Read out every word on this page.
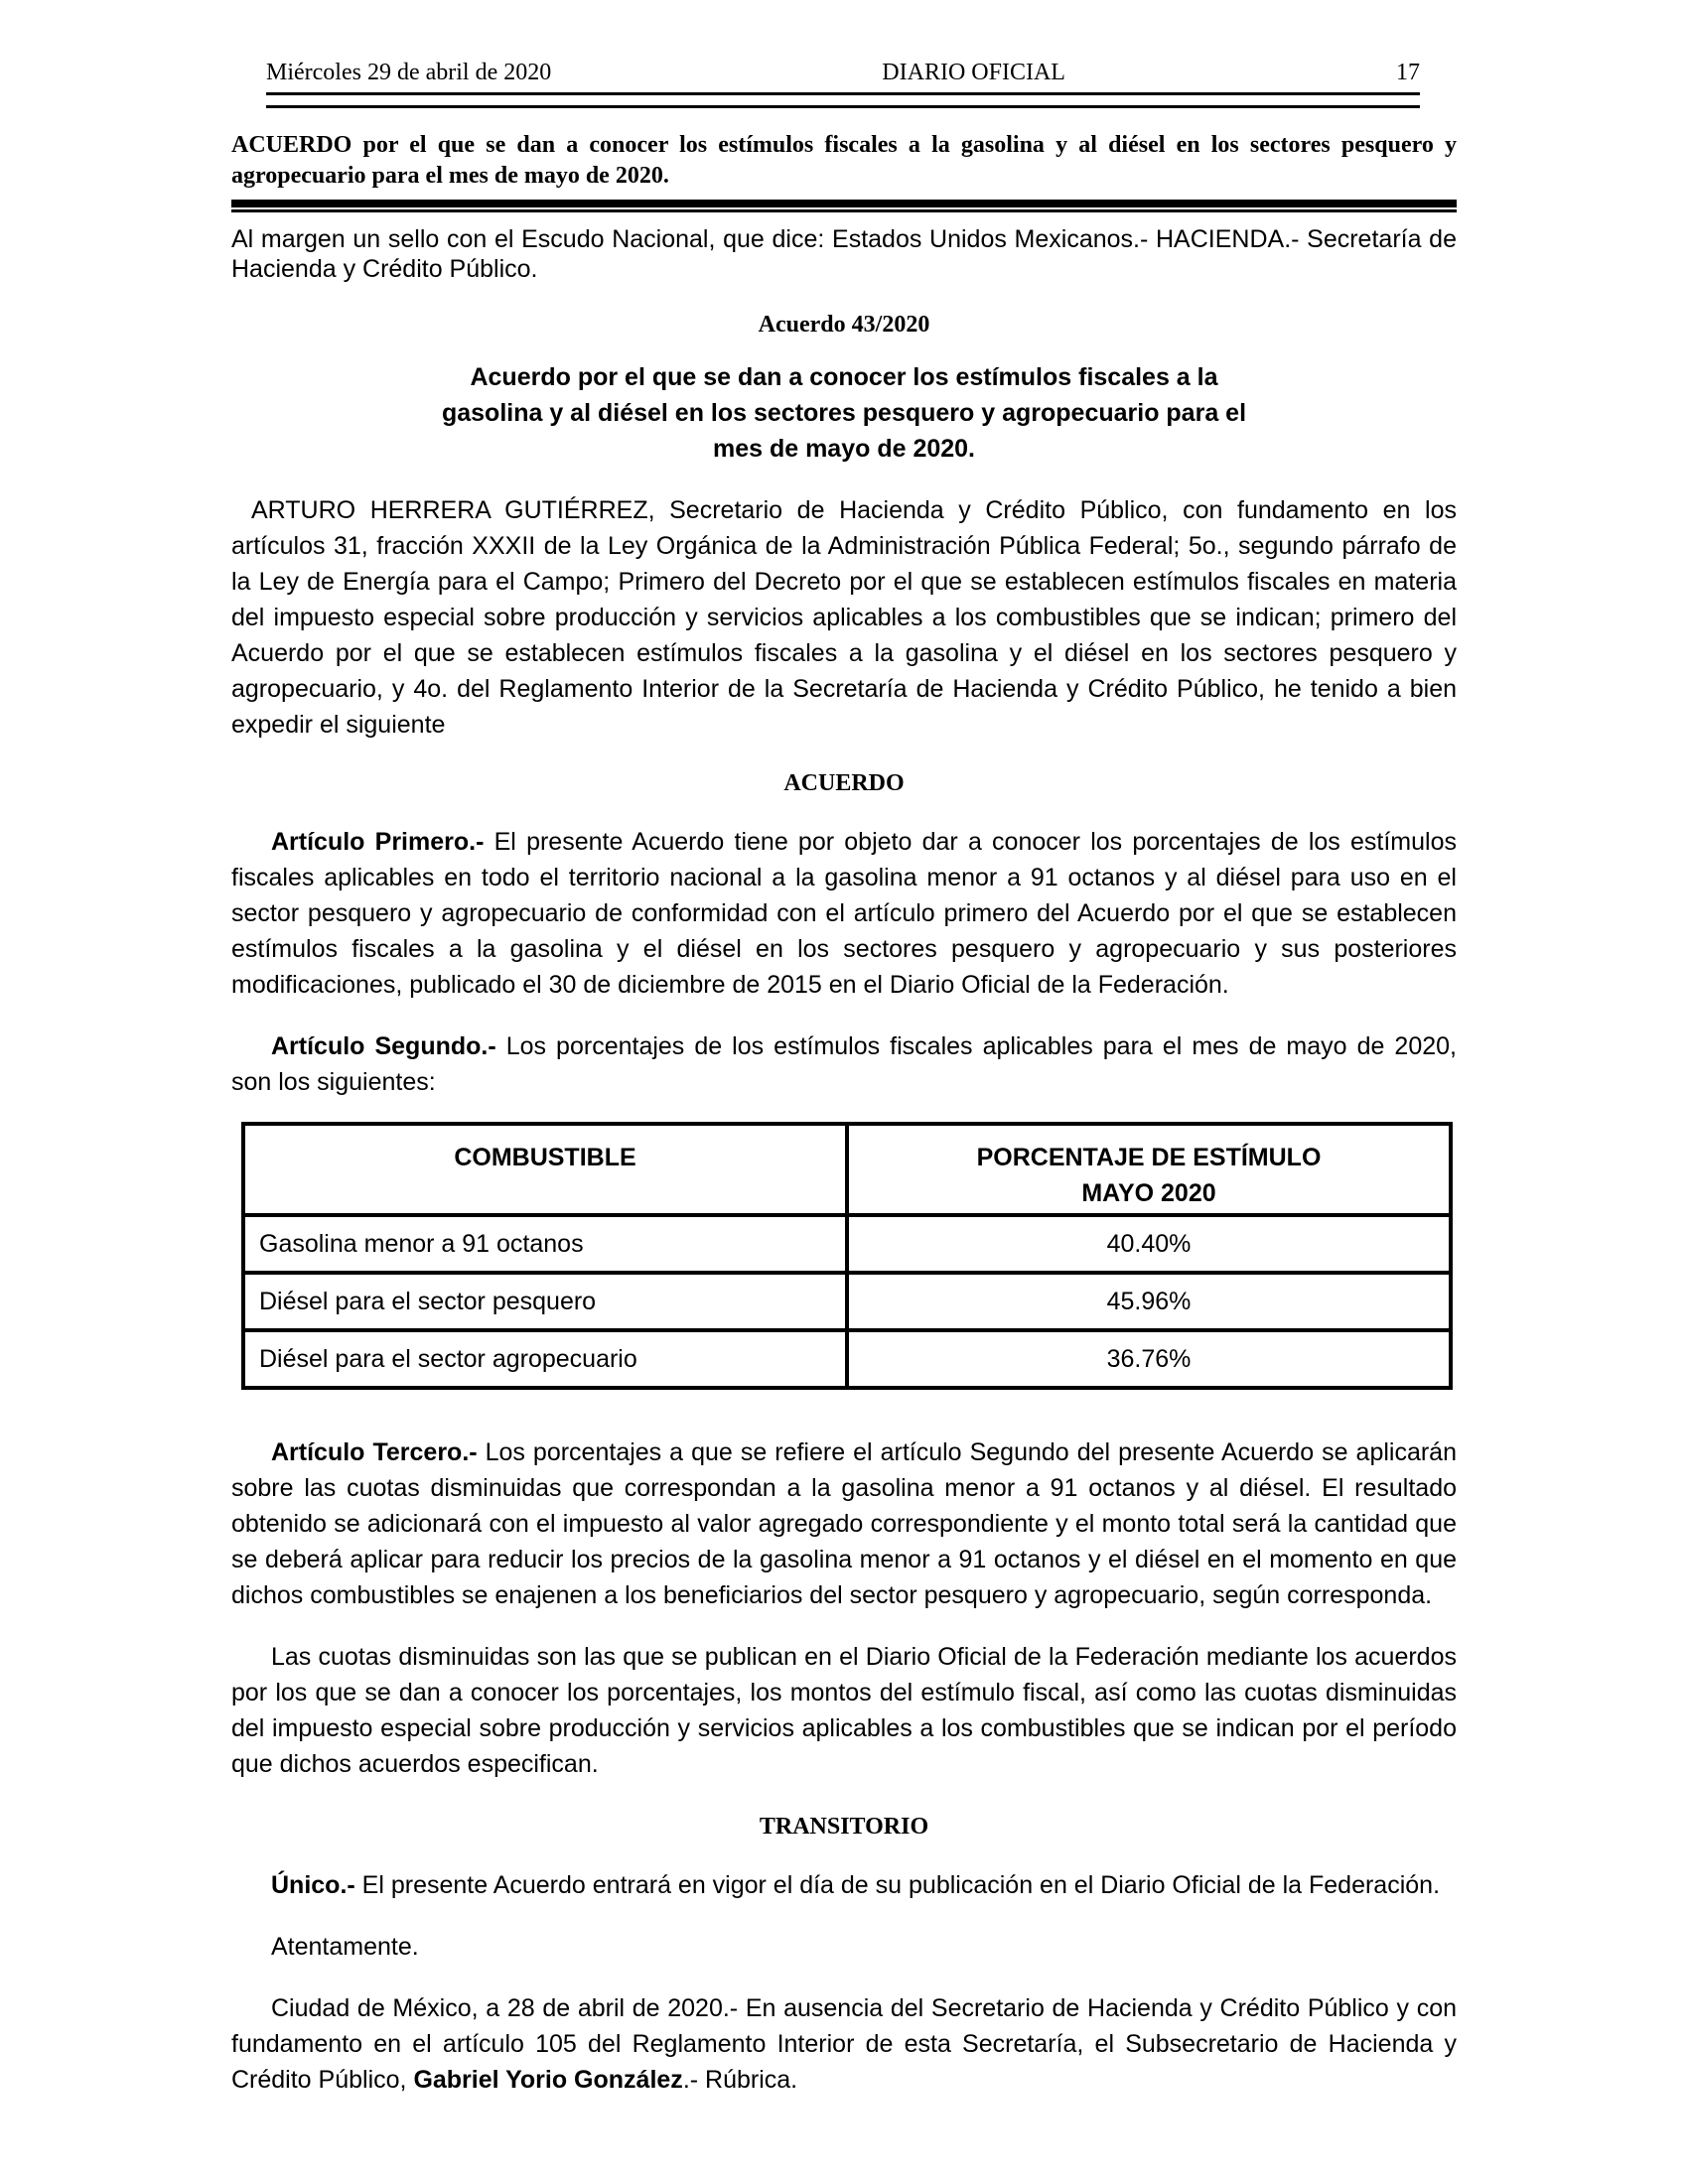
Miércoles 29 de abril de 2020	DIARIO OFICIAL	17
ACUERDO por el que se dan a conocer los estímulos fiscales a la gasolina y al diésel en los sectores pesquero y agropecuario para el mes de mayo de 2020.

Al margen un sello con el Escudo Nacional, que dice: Estados Unidos Mexicanos.- HACIENDA.- Secretaría de Hacienda y Crédito Público.

Acuerdo 43/2020
Acuerdo por el que se dan a conocer los estímulos fiscales a la
gasolina y al diésel en los sectores pesquero y agropecuario para el
mes de mayo de 2020.

ARTURO HERRERA GUTIÉRREZ, Secretario de Hacienda y Crédito Público, con fundamento en los artículos 31, fracción XXXII de la Ley Orgánica de la Administración Pública Federal; 5o., segundo párrafo de la Ley de Energía para el Campo; Primero del Decreto por el que se establecen estímulos fiscales en materia del impuesto especial sobre producción y servicios aplicables a los combustibles que se indican; primero del Acuerdo por el que se establecen estímulos fiscales a la gasolina y el diésel en los sectores pesquero y agropecuario, y 4o. del Reglamento Interior de la Secretaría de Hacienda y Crédito Público, he tenido a bien expedir el siguiente

ACUERDO

Artículo Primero.- El presente Acuerdo tiene por objeto dar a conocer los porcentajes de los estímulos fiscales aplicables en todo el territorio nacional a la gasolina menor a 91 octanos y al diésel para uso en el sector pesquero y agropecuario de conformidad con el artículo primero del Acuerdo por el que se establecen estímulos fiscales a la gasolina y el diésel en los sectores pesquero y agropecuario y sus posteriores modificaciones, publicado el 30 de diciembre de 2015 en el Diario Oficial de la Federación.

Artículo Segundo.- Los porcentajes de los estímulos fiscales aplicables para el mes de mayo de 2020, son los siguientes:

COMBUSTIBLE	PORCENTAJE DE ESTÍMULO
MAYO 2020

Gasolina menor a 91 octanos	40.40%
Diésel para el sector pesquero	45.96%
Diésel para el sector agropecuario	36.76%

Artículo Tercero.- Los porcentajes a que se refiere el artículo Segundo del presente Acuerdo se aplicarán sobre las cuotas disminuidas que correspondan a la gasolina menor a 91 octanos y al diésel. El resultado obtenido se adicionará con el impuesto al valor agregado correspondiente y el monto total será la cantidad que se deberá aplicar para reducir los precios de la gasolina menor a 91 octanos y el diésel en el momento en que dichos combustibles se enajenen a los beneficiarios del sector pesquero y agropecuario, según corresponda.

Las cuotas disminuidas son las que se publican en el Diario Oficial de la Federación mediante los acuerdos por los que se dan a conocer los porcentajes, los montos del estímulo fiscal, así como las cuotas disminuidas del impuesto especial sobre producción y servicios aplicables a los combustibles que se indican por el período que dichos acuerdos especifican.

TRANSITORIO

Único.- El presente Acuerdo entrará en vigor el día de su publicación en el Diario Oficial de la Federación.

Atentamente.

Ciudad de México, a 28 de abril de 2020.- En ausencia del Secretario de Hacienda y Crédito Público y con fundamento en el artículo 105 del Reglamento Interior de esta Secretaría, el Subsecretario de Hacienda y Crédito Público, Gabriel Yorio González.- Rúbrica.
